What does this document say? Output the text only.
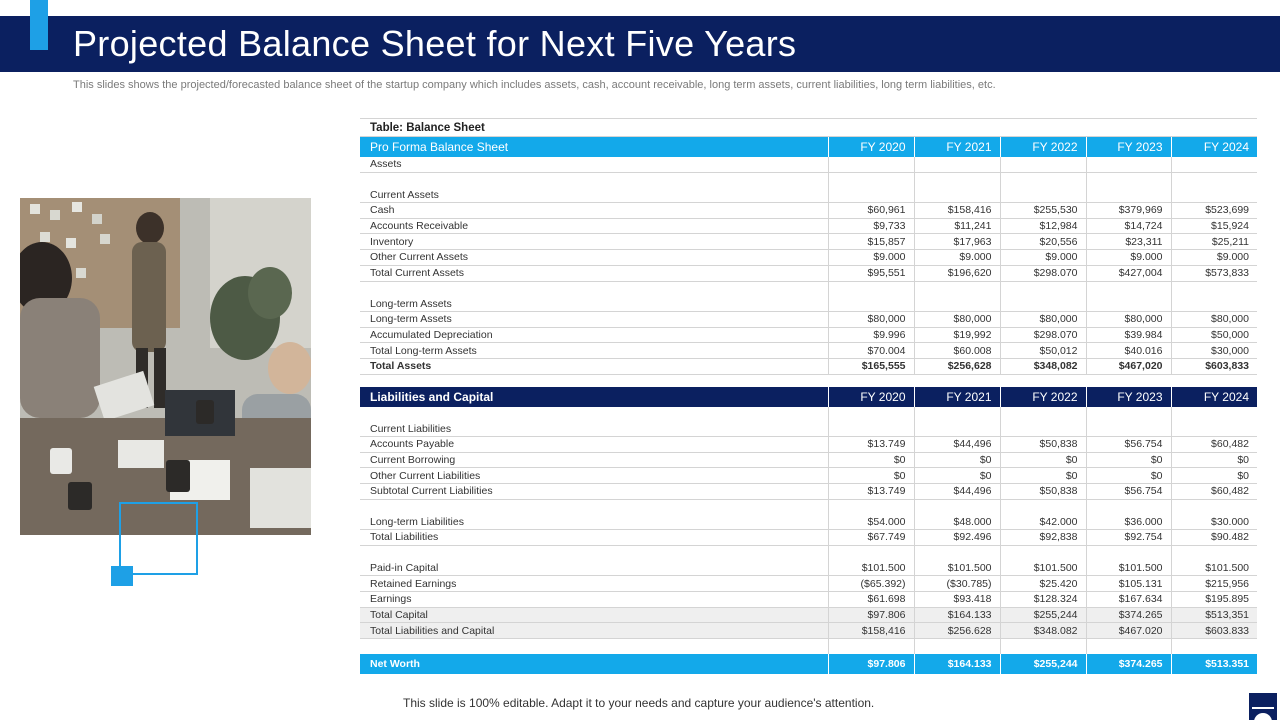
Projected Balance Sheet for Next Five Years
This slides shows the projected/forecasted balance sheet of the startup company which includes assets, cash, account receivable, long term assets, current liabilities, long term liabilities, etc.
Table: Balance Sheet					
Pro Forma Balance Sheet	FY 2020	FY 2021	FY 2022	FY 2023	FY 2024
Assets					

Current Assets					
Cash	$60,961	$158,416	$255,530	$379,969	$523,699
Accounts Receivable	$9,733	$11,241	$12,984	$14,724	$15,924
Inventory	$15,857	$17,963	$20,556	$23,311	$25,211
Other Current Assets	$9.000	$9.000	$9.000	$9.000	$9.000
Total Current Assets	$95,551	$196,620	$298.070	$427,004	$573,833

Long-term Assets					
Long-term Assets	$80,000	$80,000	$80,000	$80,000	$80,000
Accumulated Depreciation	$9.996	$19,992	$298.070	$39.984	$50,000
Total Long-term Assets	$70.004	$60.008	$50,012	$40.016	$30,000
Total Assets	$165,555	$256,628	$348,082	$467,020	$603,833

Liabilities and Capital	FY 2020	FY 2021	FY 2022	FY 2023	FY 2024

Current Liabilities					
Accounts Payable	$13.749	$44,496	$50,838	$56.754	$60,482
Current Borrowing	$0	$0	$0	$0	$0
Other Current Liabilities	$0	$0	$0	$0	$0
Subtotal Current Liabilities	$13.749	$44,496	$50,838	$56.754	$60,482

Long-term Liabilities	$54.000	$48.000	$42.000	$36.000	$30.000
Total Liabilities	$67.749	$92.496	$92,838	$92.754	$90.482

Paid-in Capital	$101.500	$101.500	$101.500	$101.500	$101.500
Retained Earnings	($65.392)	($30.785)	$25.420	$105.131	$215,956
Earnings	$61.698	$93.418	$128.324	$167.634	$195.895
Total Capital	$97.806	$164.133	$255,244	$374.265	$513,351
Total Liabilities and Capital	$158,416	$256.628	$348.082	$467.020	$603.833

Net Worth	$97.806	$164.133	$255,244	$374.265	$513.351
This slide is 100% editable. Adapt it to your needs and capture your audience's attention.
